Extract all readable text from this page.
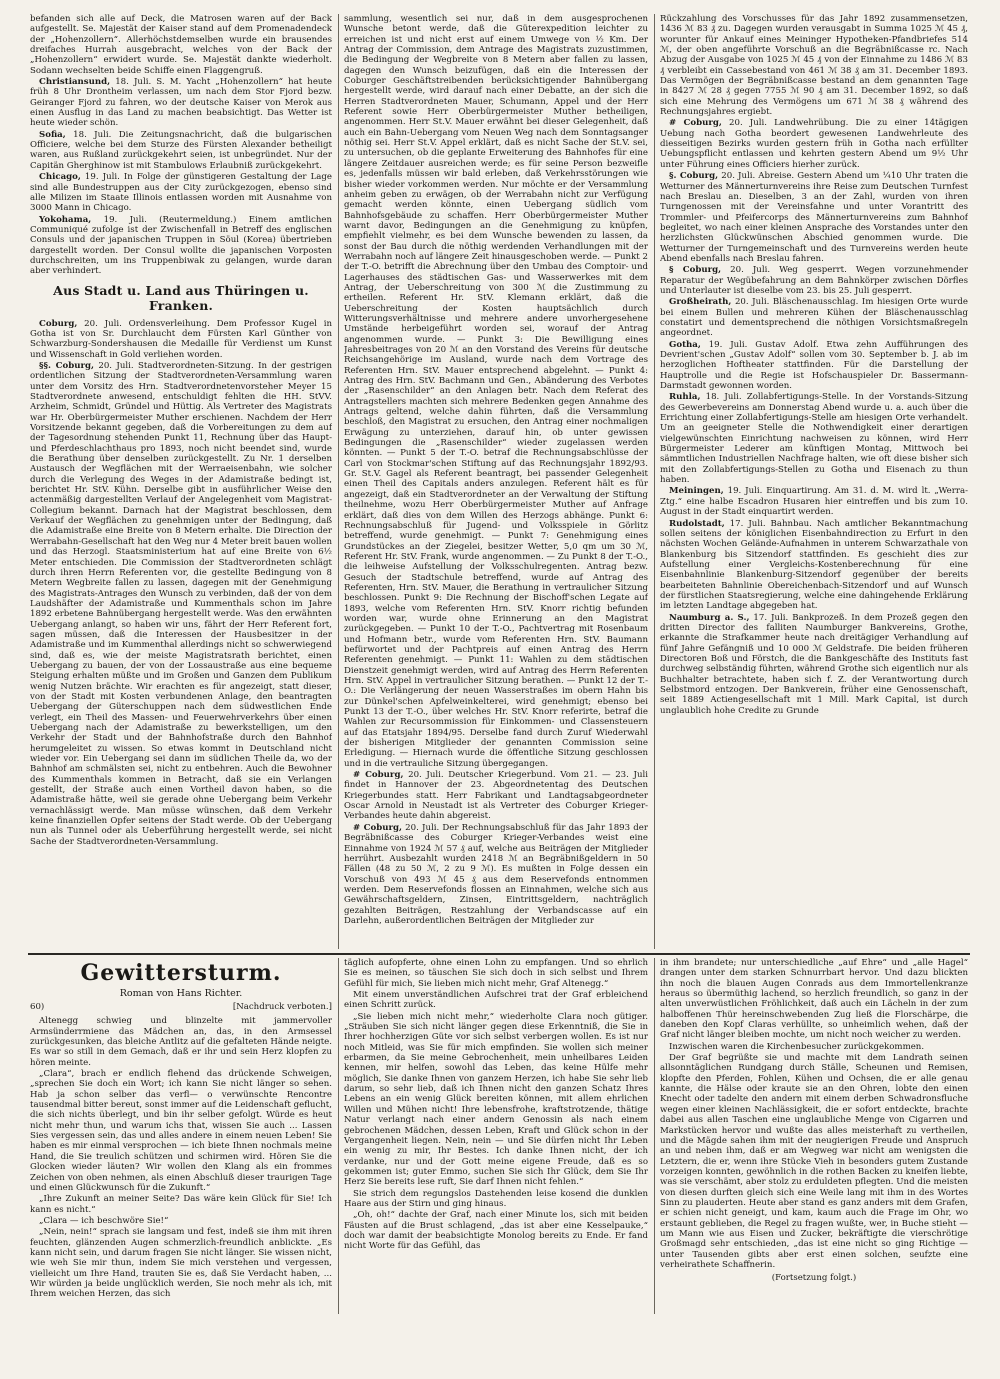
befanden sich alle auf Deck, die Matrosen waren auf der Back aufgestellt. Se. Majestät der Kaiser stand auf dem Promenadendeck der „Hohenzollern“. Allerhöchstdemselben wurde ein brausendes dreifaches Hurrah ausgebracht, welches von der Back der „Hohenzollern“ erwidert wurde. Se. Majestät dankte wiederholt. Sodann wechselten beide Schiffe einen Flaggengruß.

Christiansund, 18. Juli. S. M. Yacht „Hohenzollern“ hat heute früh 8 Uhr Drontheim verlassen, um nach dem Stor Fjord bezw. Geiranger Fjord zu fahren, wo der deutsche Kaiser von Merok aus einen Ausflug in das Land zu machen beabsichtigt. Das Wetter ist heute wieder schön.

Sofia, 18. Juli. Die Zeitungsnachricht, daß die bulgarischen Officiere, welche bei dem Sturze des Fürsten Alexander betheiligt waren, aus Rußland zurückgekehrt seien, ist unbegründet. Nur der Capitän Gherghinow ist mit Stambulows Erlaubniß zurückgekehrt.

Chicago, 19. Juli. In Folge der günstigeren Gestaltung der Lage sind alle Bundestruppen aus der City zurückgezogen, ebenso sind alle Milizen im Staate Illinois entlassen worden mit Ausnahme von 3000 Mann in Chicago.

Yokohama, 19. Juli. (Reutermeldung.) Einem amtlichen Communiqué zufolge ist der Zwischenfall in Betreff des englischen Consuls und der japanischen Truppen in Söul (Korea) übertrieben dargestellt worden. Der Consul wollte die japanischen Vorposten durchschreiten, um ins Truppenbiwak zu gelangen, wurde daran aber verhindert.

Aus Stadt u. Land aus Thüringen u. Franken.

Coburg, 20. Juli. Ordensverleihung. Dem Professor Kugel in Gotha ist von Sr. Durchlaucht dem Fürsten Karl Günther von Schwarzburg-Sondershausen die Medaille für Verdienst um Kunst und Wissenschaft in Gold verliehen worden.

§§. Coburg, 20. Juli. Stadtverordneten-Sitzung. In der gestrigen ordentlichen Sitzung der Stadtverordneten-Versammlung waren unter dem Vorsitz des Hrn. Stadtverordnetenvorsteher Meyer 15 Stadtverordnete anwesend, entschuldigt fehlten die HH. StVV. Arzheim, Schmidt, Gründel und Hüttig. Als Vertreter des Magistrats war Hr. Oberbürgermeister Muther erschienen. Nachdem der Herr Vorsitzende bekannt gegeben, daß die Vorbereitungen zu dem auf der Tagesordnung stehenden Punkt 11, Rechnung über das Haupt- und Pferdeschlachthaus pro 1893, noch nicht beendet sind, wurde die Berathung über denselben zurückgestellt. Zu Nr. 1 derselben Austausch der Wegflächen mit der Werraeisenbahn, wie solcher durch die Verlegung des Weges in der Adamistraße bedingt ist, berichtet Hr. StV. Kühn. Derselbe gibt in ausführlicher Weise den actenmäßig dargestellten Verlauf der Angelegenheit vom Magistrat-Collegium bekannt. Darnach hat der Magistrat beschlossen, dem Verkauf der Wegflächen zu genehmigen unter der Bedingung, daß die Adamistraße eine Breite von 8 Metern erhalte. Die Direction der Werrabahn-Gesellschaft hat den Weg nur 4 Meter breit bauen wollen und das Herzogl. Staatsministerium hat auf eine Breite von 6½ Meter entschieden. Die Commission der Stadtverordneten schlägt durch ihren Herrn Referenten vor, die gestellte Bedingung von 8 Metern Wegbreite fallen zu lassen, dagegen mit der Genehmigung des Magistrats-Antrages den Wunsch zu verbinden, daß der von dem Laudshäfter der Adamistraße und Kummenthals schon im Jahre 1892 erbetene Bahnübergang hergestellt werde. Was den erwähnten Uebergang anlangt, so haben wir uns, fährt der Herr Referent fort, sagen müssen, daß die Interessen der Hausbesitzer in der Adamistraße und im Kummenthal allerdings nicht so schwerwiegend sind, daß es, wie der meiste Magistratsrath berichtet, einen Uebergang zu bauen, der von der Lossaustraße aus eine bequeme Steigung erhalten müßte und im Großen und Ganzen dem Publikum wenig Nutzen brächte. Wir erachten es für angezeigt, statt dieser, von der Stadt mit Kosten verbundenen Anlage, den beantragten Uebergang der Güterschuppen nach dem südwestlichen Ende verlegt, ein Theil des Massen- und Feuerwehrverkehrs über einen Uebergang nach der Adamistraße zu bewerkstelligen, um den Verkehr der Stadt und der Bahnhofstraße durch den Bahnhof herumgeleitet zu wissen. So etwas kommt in Deutschland nicht wieder vor. Ein Uebergang sei dann im südlichen Theile da, wo der Bahnhof am schmälsten sei, nicht zu entbehren. Auch die Bewohner des Kummenthals kommen in Betracht, daß sie ein Verlangen gestellt, der Straße auch einen Vortheil davon haben, so die Adamistraße hätte, weil sie gerade ohne Uebergang beim Verkehr vernachlässigt werde. Man müsse wünschen, daß dem Verkehr keine finanziellen Opfer seitens der Stadt werde. Ob der Uebergang nun als Tunnel oder als Ueberführung hergestellt werde, sei nicht Sache der Stadtverordneten-Versammlung.

sammlung, wesentlich sei nur, daß in dem ausgesprochenen Wunsche betont werde, daß die Güterexpedition leichter zu erreichen ist und nicht erst auf einem Umwege von ½ Km. Der Antrag der Commission, dem Antrage des Magistrats zuzustimmen, die Bedingung der Wegbreite von 8 Metern aber fallen zu lassen, dagegen den Wunsch beizufügen, daß ein die Interessen der Coburger Geschäftstreibenden berücksichtigender Bahnübergang hergestellt werde, wird darauf nach einer Debatte, an der sich die Herren Stadtverordneten Mauer, Schumann, Appel und der Herr Referent sowie Herr Oberbürgermeister Muther betheiligen, angenommen. Herr St.V. Mauer erwähnt bei dieser Gelegenheit, daß auch ein Bahn-Uebergang vom Neuen Weg nach dem Sonntagsanger nöthig sei. Herr St.V. Appel erklärt, daß es nicht Sache der St.V. sei, zu untersuchen, ob die geplante Erweiterung des Bahnhofes für eine längere Zeitdauer ausreichen werde; es für seine Person bezweifle es, jedenfalls müssen wir bald erleben, daß Verkehrsstörungen wie bisher wieder vorkommen werden. Nur möchte er der Versammlung anheim geben zu erwägen, ob der Werrabahn nicht zur Verfügung gemacht werden könnte, einen Uebergang südlich vom Bahnhofsgebäude zu schaffen. Herr Oberbürgermeister Muther warnt davor, Bedingungen an die Genehmigung zu knüpfen, empfiehlt vielmehr, es bei dem Wunsche bewenden zu lassen, da sonst der Bau durch die nöthig werdenden Verhandlungen mit der Werrabahn noch auf längere Zeit hinausgeschoben werde. — Punkt 2 der T.-O. betrifft die Abrechnung über den Umbau des Comptoir- und Lagerhauses des städtischen Gas- und Wasserwerkes mit dem Antrag, der Ueberschreitung von 300 ℳ die Zustimmung zu ertheilen. Referent Hr. StV. Klemann erklärt, daß die Ueberschreitung der Kosten hauptsächlich durch Witterungsverhältnisse und mehrere andere unvorhergesehene Umstände herbeigeführt worden sei, worauf der Antrag angenommen wurde. — Punkt 3: Die Bewilligung eines Jahresbeitrages von 20 ℳ an den Vorstand des Vereins für deutsche Reichsangehörige im Ausland, wurde nach dem Vortrage des Referenten Hrn. StV. Mauer entsprechend abgelehnt. — Punkt 4: Antrag des Hrn. StV. Bachmann und Gen., Abänderung des Verbotes der „Rasenschilder“ an den Anlagen betr. Nach dem Referat des Antragstellers machten sich mehrere Bedenken gegen Annahme des Antrags geltend, welche dahin führten, daß die Versammlung beschloß, den Magistrat zu ersuchen, den Antrag einer nochmaligen Erwägung zu unterziehen, darauf hin, ob unter gewissen Bedingungen die „Rasenschilder“ wieder zugelassen werden könnten. — Punkt 5 der T.-O. betraf die Rechnungsabschlüsse der Carl von Stockmar'schen Stiftung auf das Rechnungsjahr 1892/93. Gr. St.V. Gagel als Referent beantragt, bei passender Gelegenheit einen Theil des Capitals anders anzulegen. Referent hält es für angezeigt, daß ein Stadtverordneter an der Verwaltung der Stiftung theilnehme, wozu Herr Oberbürgermeister Muther auf Anfrage erklärt, daß dies von dem Willen des Herzogs abhänge. Punkt 6: Rechnungsabschluß für Jugend- und Volksspiele in Görlitz betreffend, wurde genehmigt. — Punkt 7: Genehmigung eines Grundstückes an der Ziegelei, besitzer Wetter, 5,0 qm um 30 ℳ, Referent Hr. StV. Frank, wurde angenommen. — Zu Punkt 8 der T.-O., die leihweise Aufstellung der Volksschulregenten. Antrag bezw. Gesuch der Stadtschule betreffend, wurde auf Antrag des Referenten, Hrn. StV. Mauer, die Berathung in vertraulicher Sitzung beschlossen. Punkt 9: Die Rechnung der Bischoff'schen Legate auf 1893, welche vom Referenten Hrn. StV. Knorr richtig befunden worden war, wurde ohne Erinnerung an den Magistrat zurückgegeben. — Punkt 10 der T.-O., Pachtvertrag mit Rosenbaum und Hofmann betr., wurde vom Referenten Hrn. StV. Baumann befürwortet und der Pachtpreis auf einen Antrag des Herrn Referenten genehmigt. — Punkt 11: Wahlen zu dem städtischen Dienstzeit genehmigt werden, wird auf Antrag des Herrn Referenten Hrn. StV. Appel in vertraulicher Sitzung berathen. — Punkt 12 der T.-O.: Die Verlängerung der neuen Wasserstraßes im obern Hahn bis zur Dünkel'schen Apfelweinkelterei, wird genehmigt; ebenso bei Punkt 13 der T.-O., über welches Hr. StV. Knorr referirte, betraf die Wahlen zur Recursommission für Einkommen- und Classensteuern auf das Etatsjahr 1894/95. Derselbe fand durch Zuruf Wiederwahl der bisherigen Mitglieder der genannten Commission seine Erledigung. — Hiernach wurde die öffentliche Sitzung geschlossen und in die vertrauliche Sitzung übergegangen.

# Coburg, 20. Juli. Deutscher Kriegerbund. Vom 21. — 23. Juli findet in Hannover der 23. Abgeordnetentag des Deutschen Kriegerbundes statt. Herr Fabrikant und Landtagsabgeordneter Oscar Arnold in Neustadt ist als Vertreter des Coburger Krieger-Verbandes heute dahin abgereist.

# Coburg, 20. Juli. Der Rechnungsabschluß für das Jahr 1893 der Begräbnißcasse des Coburger Krieger-Verbandes weist eine Einnahme von 1924 ℳ 57 ₰ auf, welche aus Beiträgen der Mitglieder herrührt. Ausbezahlt wurden 2418 ℳ an Begräbnißgeldern in 50 Fällen (48 zu 50 ℳ, 2 zu 9 ℳ). Es mußten in Folge dessen ein Vorschuß von 493 ℳ 45 ₰ aus dem Reservefonds entnommen werden. Dem Reservefonds flossen an Einnahmen, welche sich aus Gewährschaftsgeldern, Zinsen, Eintrittsgeldern, nachträglich gezahlten Beiträgen, Restzahlung der Verbandscasse auf ein Darlehn, außerordentlichen Beiträgen der Mitglieder zur

Rückzahlung des Vorschusses für das Jahr 1892 zusammensetzen, 1436 ℳ 83 ₰ zu. Dagegen wurden verausgabt in Summa 1025 ℳ 45 ₰, worunter für Ankauf eines Meininger Hypotheken-Pfandbriefes 514 ℳ, der oben angeführte Vorschuß an die Begräbnißcasse rc. Nach Abzug der Ausgabe von 1025 ℳ 45 ₰ von der Einnahme zu 1486 ℳ 83 ₰ verbleibt ein Cassebestand von 461 ℳ 38 ₰ am 31. December 1893. Das Vermögen der Begräbnißcasse bestand an dem genannten Tage in 8427 ℳ 28 ₰ gegen 7755 ℳ 90 ₰ am 31. December 1892, so daß sich eine Mehrung des Vermögens um 671 ℳ 38 ₰ während des Rechnungsjahres ergiebt.

# Coburg, 20. Juli. Landwehrübung. Die zu einer 14tägigen Uebung nach Gotha beordert gewesenen Landwehrleute des diesseitigen Bezirks wurden gestern früh in Gotha nach erfüllter Uebungspflicht entlassen und kehrten gestern Abend um 9½ Uhr unter Führung eines Officiers hierher zurück.

§. Coburg, 20. Juli. Abreise. Gestern Abend um ¼10 Uhr traten die Wetturner des Männerturnvereins ihre Reise zum Deutschen Turnfest nach Breslau an. Dieselben, 3 an der Zahl, wurden von ihren Turngenossen mit der Vereinsfahne und unter Vorantritt des Trommler- und Pfeifercorps des Männerturnvereins zum Bahnhof begleitet, wo nach einer kleinen Ansprache des Vorstandes unter den herzlichsten Glückwünschen Abschied genommen wurde. Die Wetturner der Turngemeinschaft und des Turnvereins werden heute Abend ebenfalls nach Breslau fahren.

§ Coburg, 20. Juli. Weg gesperrt. Wegen vorzunehmender Reparatur der Wegübefahrung an dem Bahnkörper zwischen Dörfles und Unterlauter ist dieselbe vom 23. bis 25. Juli gesperrt.

Großheirath, 20. Juli. Bläschenausschlag. Im hiesigen Orte wurde bei einem Bullen und mehreren Kühen der Bläschenausschlag constatirt und dementsprechend die nöthigen Vorsichtsmaßregeln angeordnet.

Gotha, 19. Juli. Gustav Adolf. Etwa zehn Aufführungen des Devrient'schen „Gustav Adolf“ sollen vom 30. September b. J. ab im herzoglichen Hoftheater stattfinden. Für die Darstellung der Hauptrolle und die Regie ist Hofschauspieler Dr. Bassermann-Darmstadt gewonnen worden.

Ruhla, 18. Juli. Zollabfertigungs-Stelle. In der Vorstands-Sitzung des Gewerbevereins am Donnerstag Abend wurde u. a. auch über die Errichtung einer Zollabfertigungs-Stelle am hiesigen Orte verhandelt. Um an geeigneter Stelle die Nothwendigkeit einer derartigen vielgewünschten Einrichtung nachweisen zu können, wird Herr Bürgermeister Lederer am künftigen Montag, Mittwoch bei sämmtlichen Industriellen Nachfrage halten, wie oft diese bisher sich mit den Zollabfertigungs-Stellen zu Gotha und Eisenach zu thun haben.

Meiningen, 19. Juli. Einquartirung. Am 31. d. M. wird lt. „Werra-Ztg.“ eine halbe Escadron Husaren hier eintreffen und bis zum 10. August in der Stadt einquartirt werden.

Rudolstadt, 17. Juli. Bahnbau. Nach amtlicher Bekanntmachung sollen seitens der königlichen Eisenbahndirection zu Erfurt in den nächsten Wochen Gelände-Aufnahmen in unterem Schwarzathale von Blankenburg bis Sitzendorf stattfinden. Es geschieht dies zur Aufstellung einer Vergleichs-Kostenberechnung für eine Eisenbahnlinie Blankenburg-Sitzendorf gegenüber der bereits bearbeiteten Bahnlinie Obereichenbach-Sitzendorf und auf Wunsch der fürstlichen Staatsregierung, welche eine dahingehende Erklärung im letzten Landtage abgegeben hat.

Naumburg a. S., 17. Juli. Bankprozeß. In dem Prozeß gegen den dritten Director des falliten Naumburger Bankvereins, Grothe, erkannte die Strafkammer heute nach dreitägiger Verhandlung auf fünf Jahre Gefängniß und 10 000 ℳ Geldstrafe. Die beiden früheren Directoren Boß und Förstch, die die Bankgeschäfte des Instituts fast durchweg selbständig führten, während Grothe sich eigentlich nur als Buchhalter betrachtete, haben sich f. Z. der Verantwortung durch Selbstmord entzogen. Der Bankverein, früher eine Genossenschaft, seit 1889 Actiengesellschaft mit 1 Mill. Mark Capital, ist durch unglaublich hohe Credite zu Grunde

Gewittersturm.
Roman von Hans Richter.
60)	[Nachdruck verboten.]

Altenegg schwieg und blinzelte mit jammervoller Armsünderrmiene das Mädchen an, das, in den Armsessel zurückgesunken, das bleiche Antlitz auf die gefalteten Hände neigte. Es war so still in dem Gemach, daß er ihr und sein Herz klopfen zu hören meinte.

„Clara“, brach er endlich flehend das drückende Schweigen, „sprechen Sie doch ein Wort; ich kann Sie nicht länger so sehen. Hab ja schon selber das verfl— o verwünschte Rencontre tausendmal bitter bereut, sonst immer auf die Leidenschaft geflucht, die sich nichts überlegt, und bin ihr selber gefolgt. Würde es heut nicht mehr thun, und warum ichs that, wissen Sie auch ... Lassen Sies vergessen sein, das und alles andere in einem neuen Leben! Sie haben es mir einmal versprochen — ich biete Ihnen nochmals meine Hand, die Sie treulich schützen und schirmen wird. Hören Sie die Glocken wieder läuten? Wir wollen den Klang als ein frommes Zeichen von oben nehmen, als einen Abschluß dieser traurigen Tage und einen Glückwunsch für die Zukunft.“

„Ihre Zukunft an meiner Seite? Das wäre kein Glück für Sie! Ich kann es nicht.“

„Clara — ich beschwöre Sie!“

„Nein, nein!“ sprach sie langsam und fest, indeß sie ihm mit ihren feuchten, glänzenden Augen schmerzlich-freundlich anblickte. „Es kann nicht sein, und darum fragen Sie nicht länger. Sie wissen nicht, wie weh Sie mir thun, indem Sie mich verstehen und vergessen, vielleicht um Ihre Hand, trauten Sie es, daß Sie Verdacht haben, ... Wir würden ja beide unglücklich werden, Sie noch mehr als ich, mit Ihrem weichen Herzen, das sich

täglich aufopferte, ohne einen Lohn zu empfangen. Und so ehrlich Sie es meinen, so täuschen Sie sich doch in sich selbst und Ihrem Gefühl für mich, Sie lieben mich nicht mehr, Graf Altenegg.“

Mit einem unverständlichen Aufschrei trat der Graf erbleichend einen Schritt zurück.

„Sie lieben mich nicht mehr,“ wiederholte Clara noch gütiger. „Sträuben Sie sich nicht länger gegen diese Erkenntniß, die Sie in Ihrer hochherzigen Güte vor sich selbst verbergen wollen. Es ist nur noch Mitleid, was Sie für mich empfinden. Sie wollen sich meiner erbarmen, da Sie meine Gebrochenheit, mein unheilbares Leiden kennen, mir helfen, sowohl das Leben, das keine Hülfe mehr möglich, Sie danke Ihnen von ganzem Herzen, ich habe Sie sehr lieb darum, so sehr lieb, daß ich Ihnen nicht den ganzen Schatz Ihres Lebens an ein wenig Glück bereiten können, mit allem ehrlichen Willen und Mühen nicht! Ihre lebensfrohe, kraftstrotzende, thätige Natur verlangt nach einer andern Genossin als nach einem gebrochenen Mädchen, dessen Leben, Kraft und Glück schon in der Vergangenheit liegen. Nein, nein — und Sie dürfen nicht Ihr Leben ein wenig zu mir, Ihr Bestes. Ich danke Ihnen nicht, der ich verdanke, nur und der Gott meine eigene Freude, daß es so gekommen ist; guter Emmo, suchen Sie sich Ihr Glück, dem Sie Ihr Herz Sie bereits lese ruft, Sie darf Ihnen nicht fehlen.“

Sie strich dem regungslos Dastehenden leise kosend die dunklen Haare aus der Stirn und ging hinaus.

„Oh, oh!“ dachte der Graf, nach einer Minute los, sich mit beiden Fäusten auf die Brust schlagend, „das ist aber eine Kesselpauke,“ doch war damit der beabsichtigte Monolog bereits zu Ende. Er fand nicht Worte für das Gefühl, das

in ihm brandete; nur unterschiedliche „auf Ehre“ und „alle Hagel“ drangen unter dem starken Schnurrbart hervor. Und dazu blickten ihn noch die blauen Augen Conrads aus dem Immortellenkranze heraus so übermüthig lachend, so herzlich freundlich, so ganz in der alten unverwüstlichen Fröhlichkeit, daß auch ein Lächeln in der zum halboffenen Thür hereinschwebenden Zug ließ die Florschärpe, die daneben den Kopf Claras verhüllte, so unheimlich wehen, daß der Graf nicht länger bleiben mochte, um nicht noch weicher zu werden.

Inzwischen waren die Kirchenbesucher zurückgekommen.

Der Graf begrüßte sie und machte mit dem Landrath seinen allsonntäglichen Rundgang durch Ställe, Scheunen und Remisen, klopfte den Pferden, Fohlen, Kühen und Ochsen, die er alle genau kannte, die Hälse oder kraute sie an den Ohren, lobte den einen Knecht oder tadelte den andern mit einem derben Schwadronsfluche wegen einer kleinen Nachlässigkeit, die er sofort entdeckte, brachte dabei aus allen Taschen eine unglaubliche Menge von Cigarren und Markstücken hervor und wußte das alles meisterhaft zu vertheilen, und die Mägde sahen ihm mit der neugierigen Freude und Anspruch an und neben ihm, daß er am Wegweg war nicht am wenigsten die Letztern, die er, wenn ihre Stücke Vieh in besonders gutem Zustande vorzeigen konnten, gewöhnlich in die rothen Backen zu kneifen liebte, was sie verschämt, aber stolz zu erduldeten pflegten. Und die meisten von diesen durften gleich sich eine Weile lang mit ihm in des Wortes Sinn zu plauderten. Heute aber stand es ganz anders mit dem Grafen, er schien nicht geneigt, und kam, kaum auch die Frage im Ohr, wo erstaunt geblieben, die Regel zu fragen wußte, wer, in Buche stieht — um Mann wie aus Eisen und Zucker, bekräftigte die vierschrötige Großmagd sehr entschieden, „das ist eine nicht so ging Richtige — unter Tausenden gibts aber erst einen solchen, seufzte eine verheirathete Schaffnerin.

(Fortsetzung folgt.)
